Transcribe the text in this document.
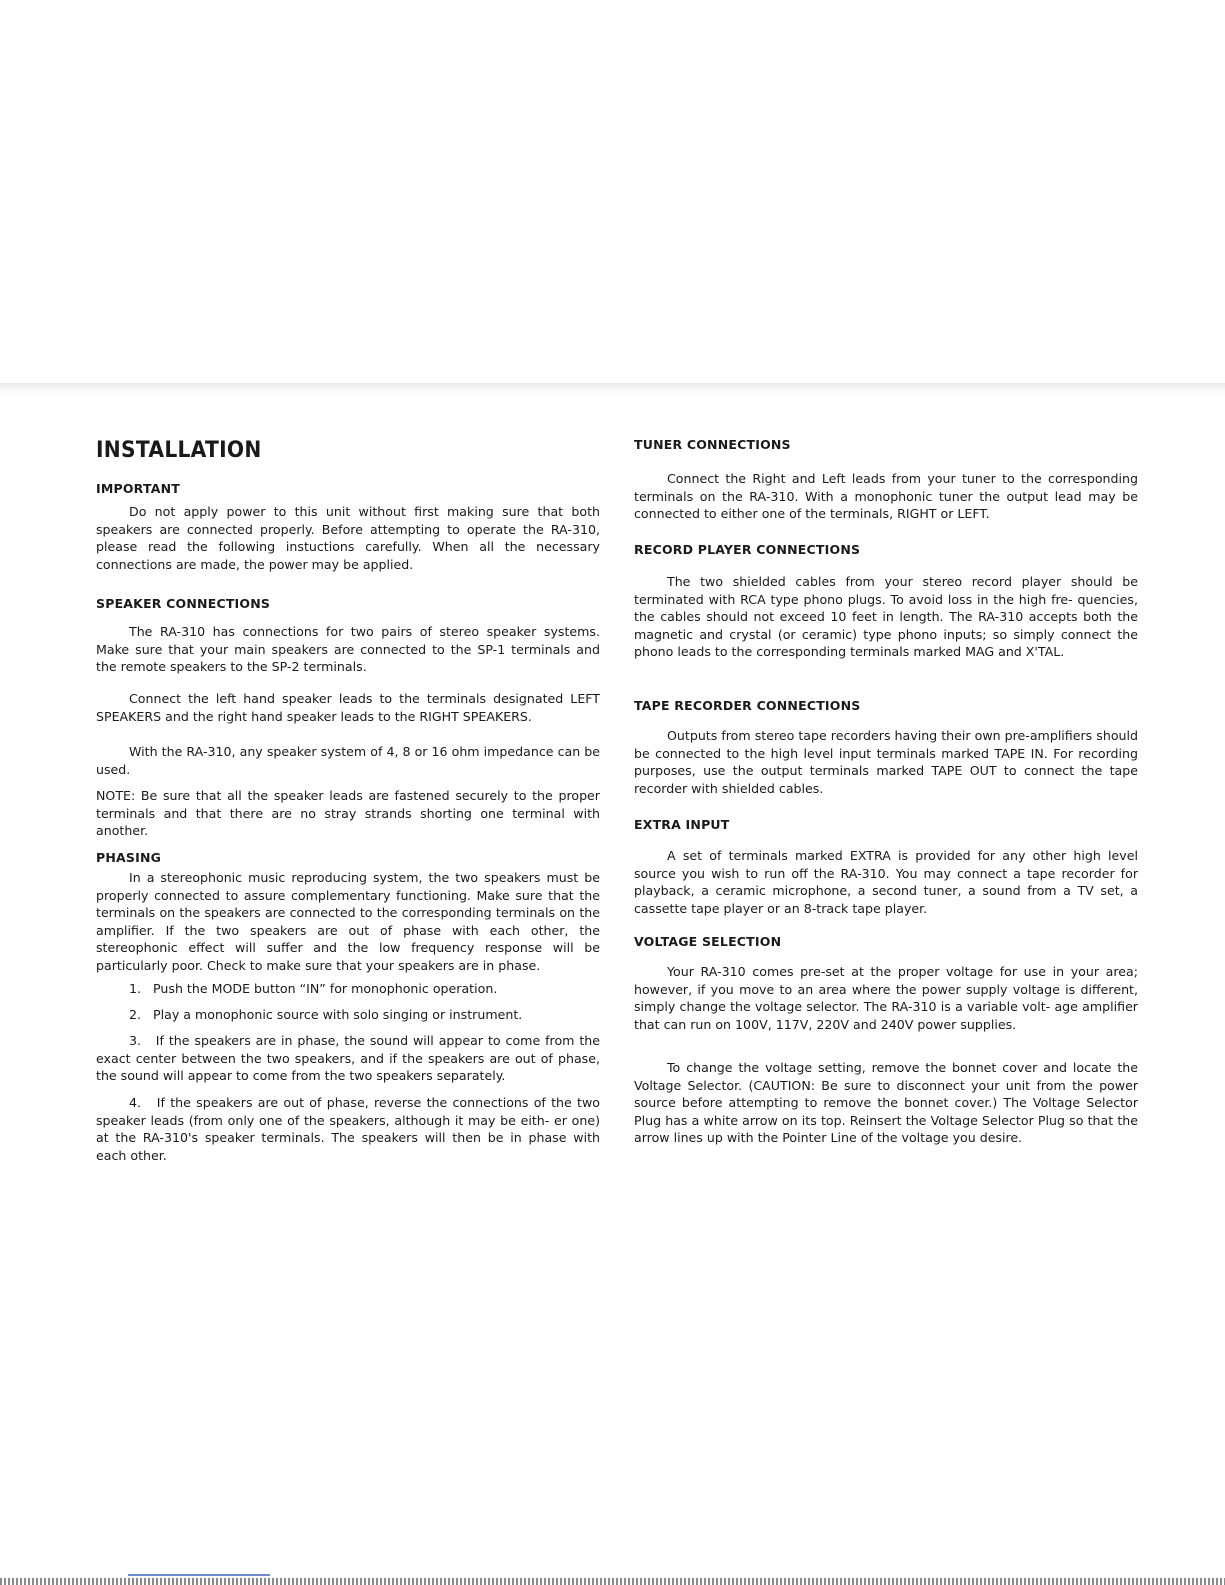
INSTALLATION
IMPORTANT

Do not apply power to this unit without first making sure that both speakers are connected properly. Before attempting to operate the RA-310, please read the following instuctions carefully. When all the necessary connections are made, the power may be applied.

SPEAKER CONNECTIONS

The RA-310 has connections for two pairs of stereo speaker systems. Make sure that your main speakers are connected to the SP-1 terminals and the remote speakers to the SP-2 terminals.

Connect the left hand speaker leads to the terminals designated LEFT SPEAKERS and the right hand speaker leads to the RIGHT SPEAKERS.

With the RA-310, any speaker system of 4, 8 or 16 ohm impedance can be used.

NOTE: Be sure that all the speaker leads are fastened securely to the proper terminals and that there are no stray strands shorting one terminal with another.

PHASING

In a stereophonic music reproducing system, the two speakers must be properly connected to assure complementary functioning. Make sure that the terminals on the speakers are connected to the corresponding terminals on the amplifier. If the two speakers are out of phase with each other, the stereophonic effect will suffer and the low frequency response will be particularly poor. Check to make sure that your speakers are in phase.

1.   Push the MODE button “IN” for monophonic operation.

2.   Play a monophonic source with solo singing or instrument.

3.   If the speakers are in phase, the sound will appear to come from the exact center between the two speakers, and if the speakers are out of phase, the sound will appear to come from the two speakers separately.

4.   If the speakers are out of phase, reverse the connections of the two speaker leads (from only one of the speakers, although it may be eith- er one) at the RA-310's speaker terminals. The speakers will then be in phase with each other.

TUNER CONNECTIONS

Connect the Right and Left leads from your tuner to the corresponding terminals on the RA-310. With a monophonic tuner the output lead may be connected to either one of the terminals, RIGHT or LEFT.

RECORD PLAYER CONNECTIONS

The two shielded cables from your stereo record player should be terminated with RCA type phono plugs. To avoid loss in the high fre- quencies, the cables should not exceed 10 feet in length. The RA-310 accepts both the magnetic and crystal (or ceramic) type phono inputs; so simply connect the phono leads to the corresponding terminals marked MAG and X'TAL.

TAPE RECORDER CONNECTIONS

Outputs from stereo tape recorders having their own pre-amplifiers should be connected to the high level input terminals marked TAPE IN. For recording purposes, use the output terminals marked TAPE OUT to connect the tape recorder with shielded cables.

EXTRA INPUT

A set of terminals marked EXTRA is provided for any other high level source you wish to run off the RA-310. You may connect a tape recorder for playback, a ceramic microphone, a second tuner, a sound from a TV set, a cassette tape player or an 8-track tape player.

VOLTAGE SELECTION

Your RA-310 comes pre-set at the proper voltage for use in your area; however, if you move to an area where the power supply voltage is different, simply change the voltage selector. The RA-310 is a variable volt- age amplifier that can run on 100V, 117V, 220V and 240V power supplies.

To change the voltage setting, remove the bonnet cover and locate the Voltage Selector. (CAUTION: Be sure to disconnect your unit from the power source before attempting to remove the bonnet cover.) The Voltage Selector Plug has a white arrow on its top. Reinsert the Voltage Selector Plug so that the arrow lines up with the Pointer Line of the voltage you desire.
